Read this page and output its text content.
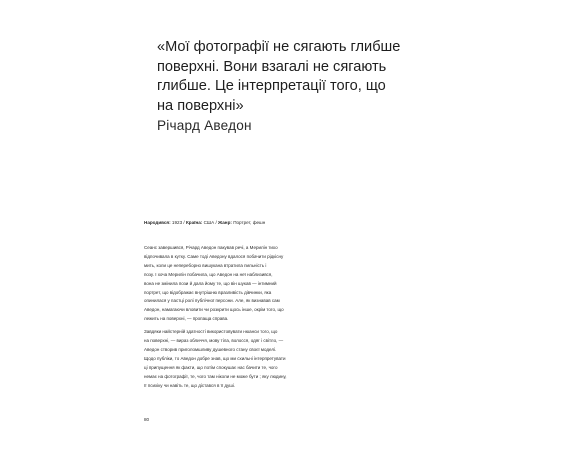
«Мої фотографії не сягають глибше
поверхні. Вони взагалі не сягають
глибше. Це інтерпретації того, що
на поверхні»
Річард Аведон
Народився: 1923 / Країна: США / Жанр: Портрет, фешн

Сеанс завершився, Річард Аведон пакував речі, а Мерилін тихо
відпочивала в кутку. Саме тоді Аведону вдалося побачити рідкісну
мить, коли це непереборно вишукана втратила пильність і
позу. І хоча Мерилін побачила, що Аведон на неї наблизився,
вона не змінила пози й дала йому те, що він шукав — інтимний
портрет, що відображає внутрішню вразливість дівчинки, яка
опинилася у пастці ролі публічної персони. Але, як визнавав сам
Аведон, намагаючи вловити чи розкрити щось інше, окрім того, що
лежить на поверхні, — пропаща справа.

Завдяки найстерній здатності використовувати нюанси того, що
на поверхні, — вираз обличчя, мову тіла, волосся, одяг і світло, —
Аведон створив приголомшливу душевного стану своєї моделі.
Щодо публіки, то Аведон добре знав, що ми схильні інтерпретувати
ці припущення як факти, що потім спокушає нас бачити те, чого
немає на фотографії, те, чого там ніколи не може бути ; яку людину,
її психіку чи навіть те, що дістався в її душі.

80
